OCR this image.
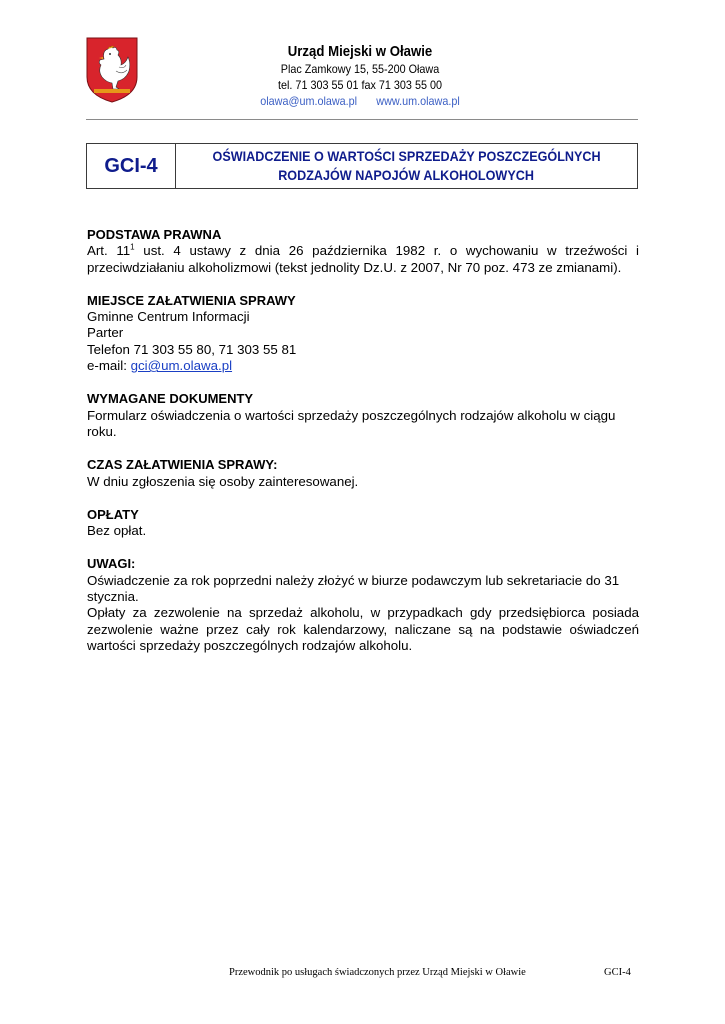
Urząd Miejski w Oławie
Plac Zamkowy 15, 55-200 Oława
tel. 71 303 55 01 fax 71 303 55 00
olawa@um.olawa.pl www.um.olawa.pl
GCI-4	OŚWIADCZENIE O WARTOŚCI SPRZEDAŻY POSZCZEGÓLNYCH
RODZAJÓW NAPOJÓW ALKOHOLOWYCH
PODSTAWA PRAWNA
Art. $11^1$ ust. 4 ustawy z dnia 26 października 1982 r. o wychowaniu w trzeźwości i przeciwdziałaniu alkoholizmowi (tekst jednolity Dz.U. z 2007, Nr 70 poz. 473 ze zmianami).
MIEJSCE ZAŁATWIENIA SPRAWY
Gminne Centrum Informacji
Parter
Telefon 71 303 55 80, 71 303 55 81
e-mail: gci@um.olawa.pl
WYMAGANE DOKUMENTY
Formularz oświadczenia o wartości sprzedaży poszczególnych rodzajów alkoholu w ciągu roku.
CZAS ZAŁATWIENIA SPRAWY:
W dniu zgłoszenia się osoby zainteresowanej.
OPŁATY
Bez opłat.
UWAGI:
Oświadczenie za rok poprzedni należy złożyć w biurze podawczym lub sekretariacie do 31 stycznia.
Opłaty za zezwolenie na sprzedaż alkoholu, w przypadkach gdy przedsiębiorca posiada zezwolenie ważne przez cały rok kalendarzowy, naliczane są na podstawie oświadczeń wartości sprzedaży poszczególnych rodzajów alkoholu.
Przewodnik po usługach świadczonych przez Urząd Miejski w Oławie	GCI-4
